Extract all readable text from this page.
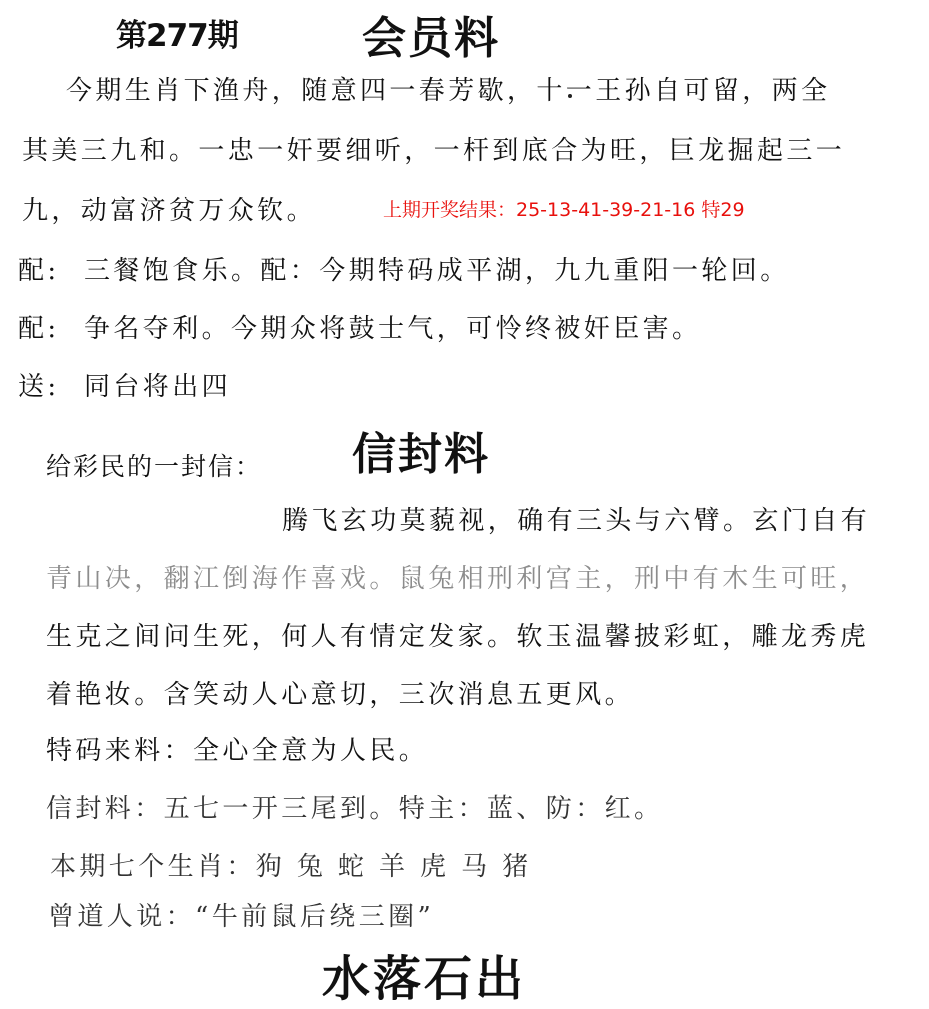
第277期	会员料
今期生肖下渔舟，随意四一春芳歇，十一王孙自可留，两全
其美三九和。一忠一奸要细听，一杆到底合为旺，巨龙掘起三一
九，动富济贫万众钦。	上期开奖结果：25-13-41-39-21-16 特29
配: 三餐饱食乐。配：今期特码成平湖，九九重阳一轮回。
配: 争名夺利。今期众将鼓士气，可怜终被奸臣害。
送: 同台将出四
给彩民的一封信： 信封料
腾飞玄功莫藐视，确有三头与六臂。玄门自有
青山决，翻江倒海作喜戏。鼠兔相刑利宫主，刑中有木生可旺，
生克之间问生死，何人有情定发家。软玉温馨披彩虹，雕龙秀虎
着艳妆。含笑动人心意切，三次消息五更风。
特码来料：全心全意为人民。
信封料：五七一开三尾到。特主：蓝、防：红。
本期七个生肖：狗 兔 蛇 羊 虎 马 猪
曾道人说：“牛前鼠后绕三圈”
水落石出
